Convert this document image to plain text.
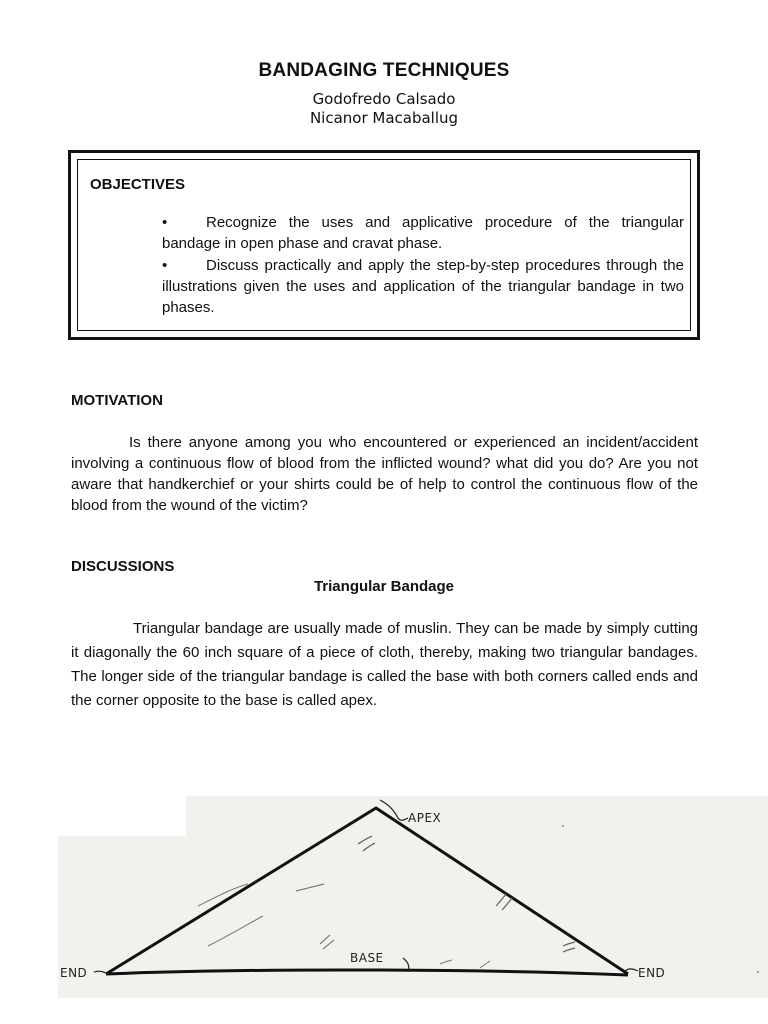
BANDAGING TECHNIQUES
Godofredo Calsado
Nicanor Macaballug
OBJECTIVES
•	Recognize the uses and applicative procedure of the triangular bandage in open phase and cravat phase.
•	Discuss practically and apply the step-by-step procedures through the illustrations given the uses and application of the triangular bandage in two phases.
MOTIVATION
Is there anyone among you who encountered or experienced an incident/accident involving a continuous flow of blood from the inflicted wound? what did you do? Are you not aware that handkerchief or your shirts could be of help to control the continuous flow of the blood from the wound of the victim?
DISCUSSIONS
Triangular Bandage
Triangular bandage are usually made of muslin. They can be made by simply cutting it diagonally the 60 inch square of a piece of cloth, thereby, making two triangular bandages. The longer side of the triangular bandage is called the base with both corners called ends and the corner opposite to the base is called apex.
APEX
BASE
END	END
